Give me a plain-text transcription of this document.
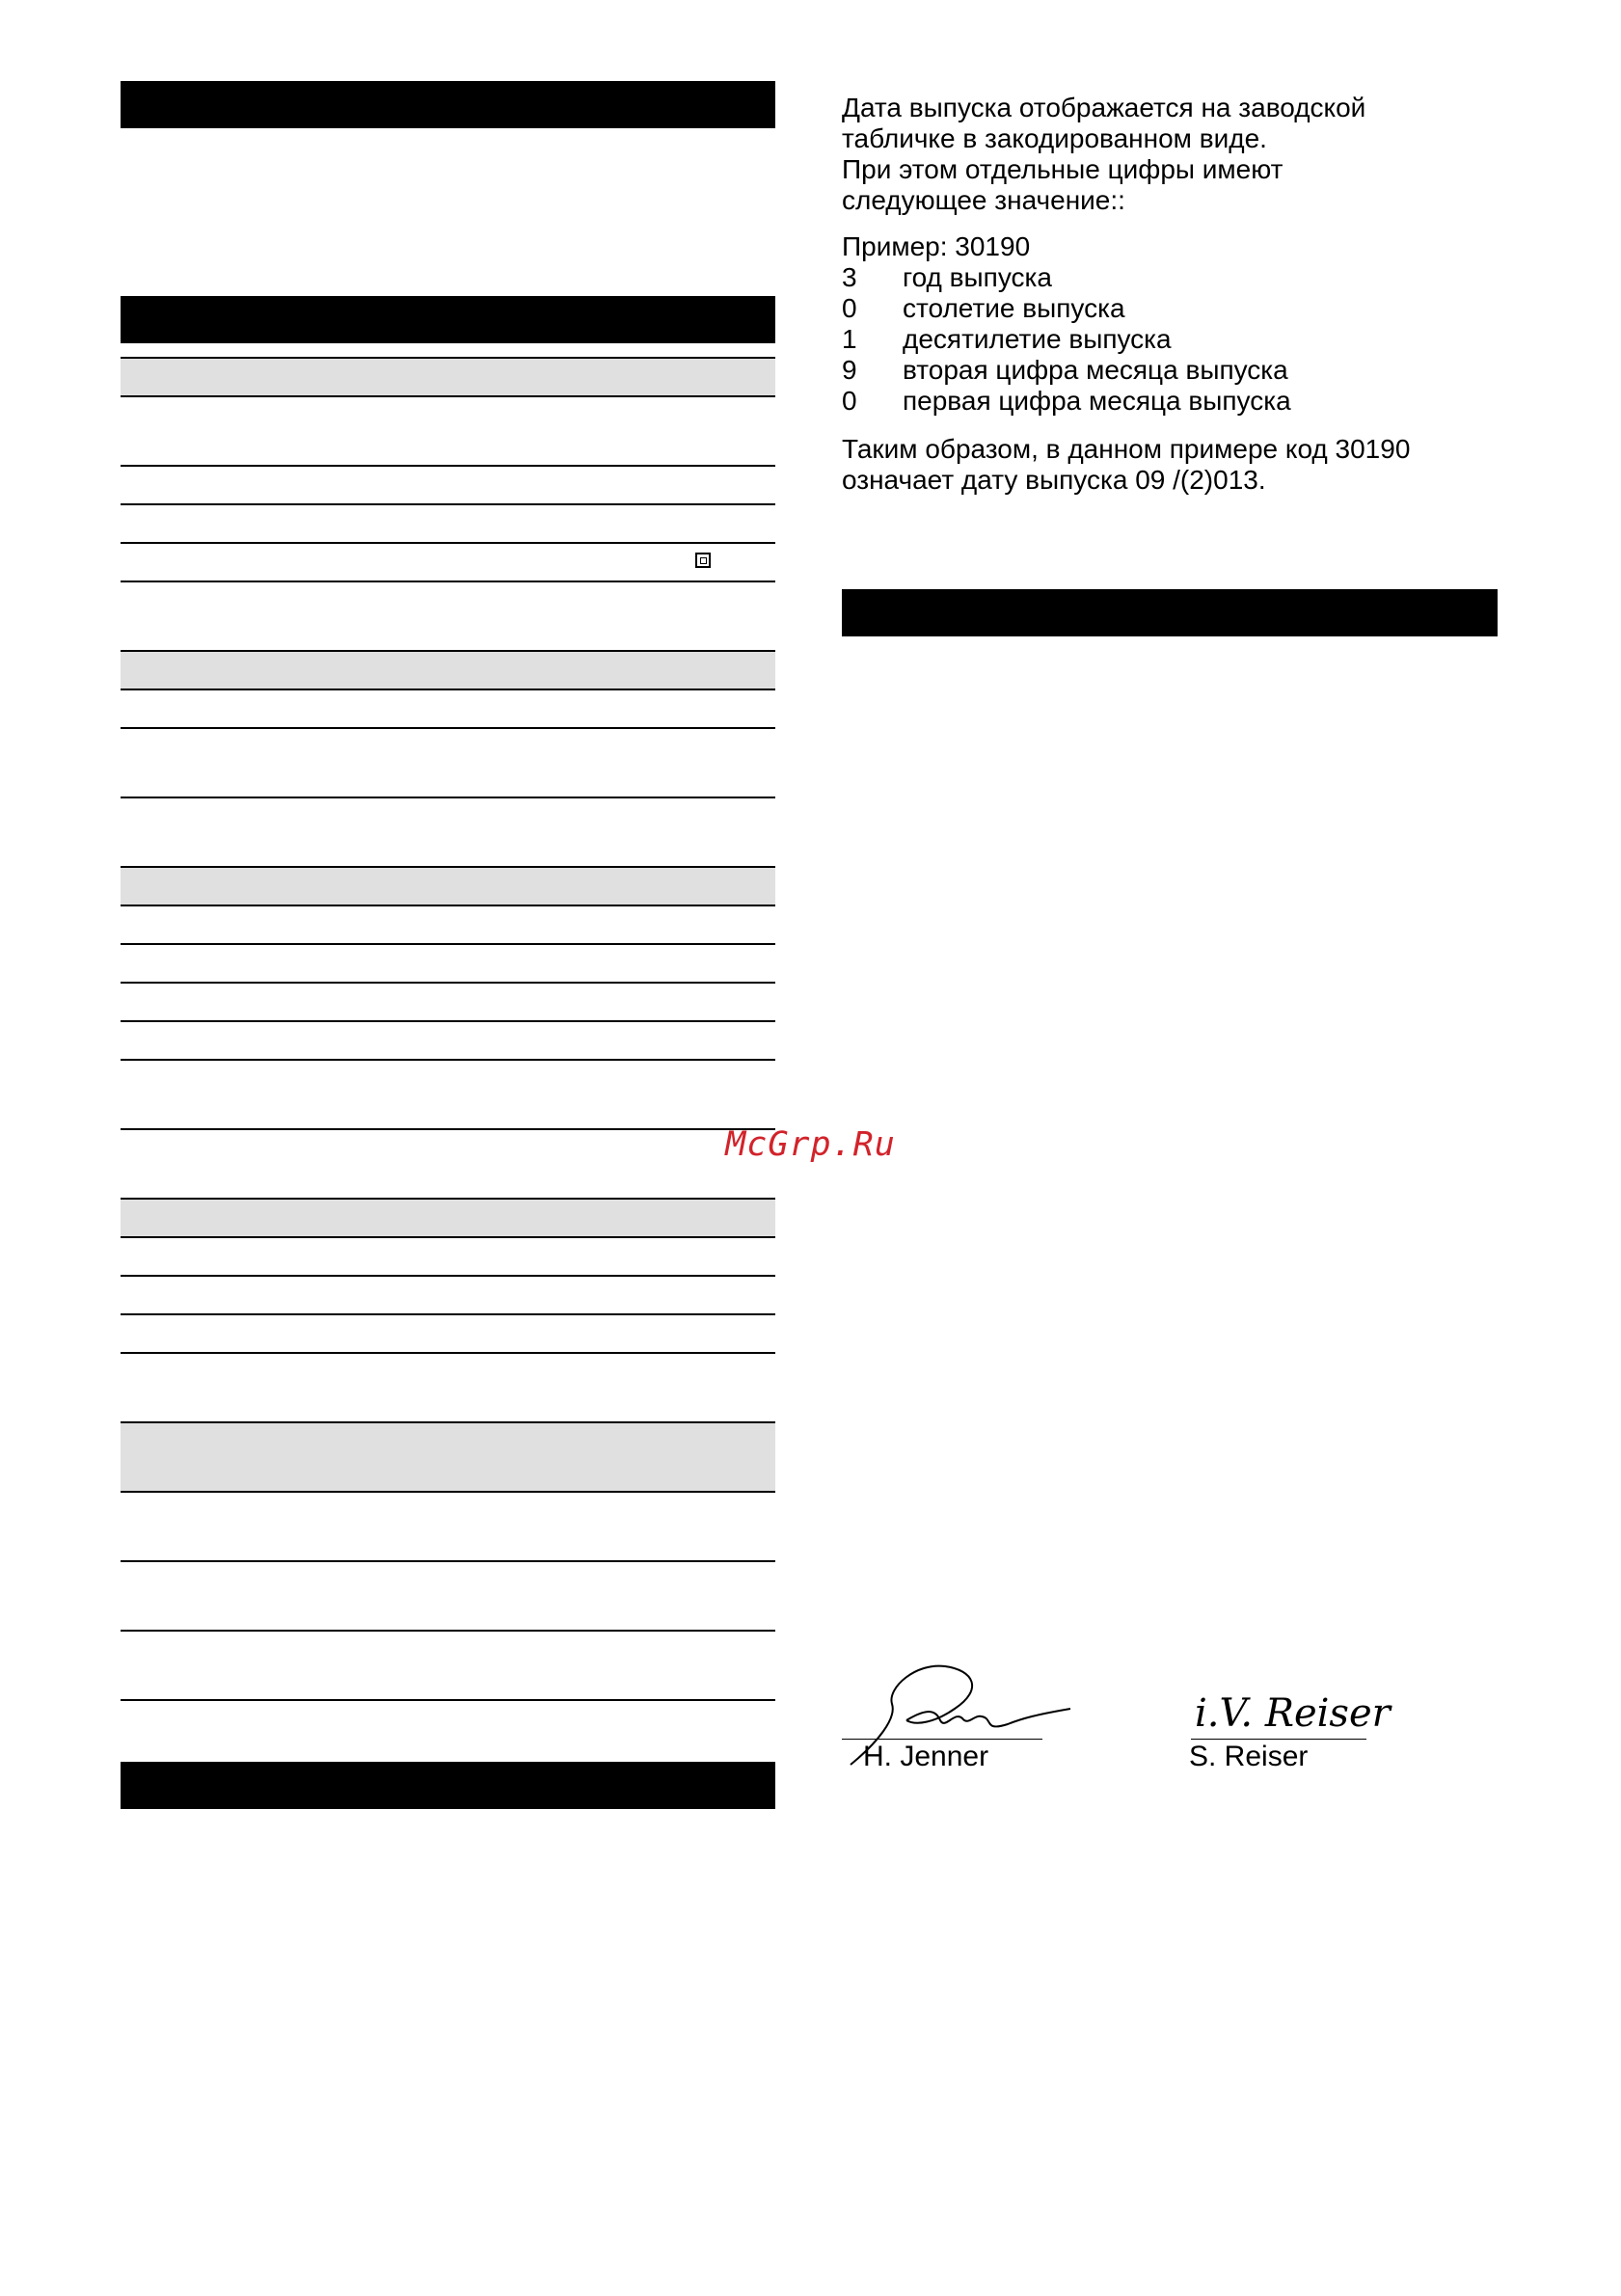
Дата выпуска отображается на заводской
табличке в закодированном виде.
При этом отдельные цифры имеют
следующее значение::
Пример: 30190
3	год выпуска
0	столетие выпуска
1	десятилетие выпуска
9	вторая цифра месяца выпуска
0	первая цифра месяца выпуска
Таким образом, в данном примере код 30190
означает дату выпуска 09 /(2)013.
McGrp.Ru
H. Jenner
i.V. Reiser
S. Reiser
